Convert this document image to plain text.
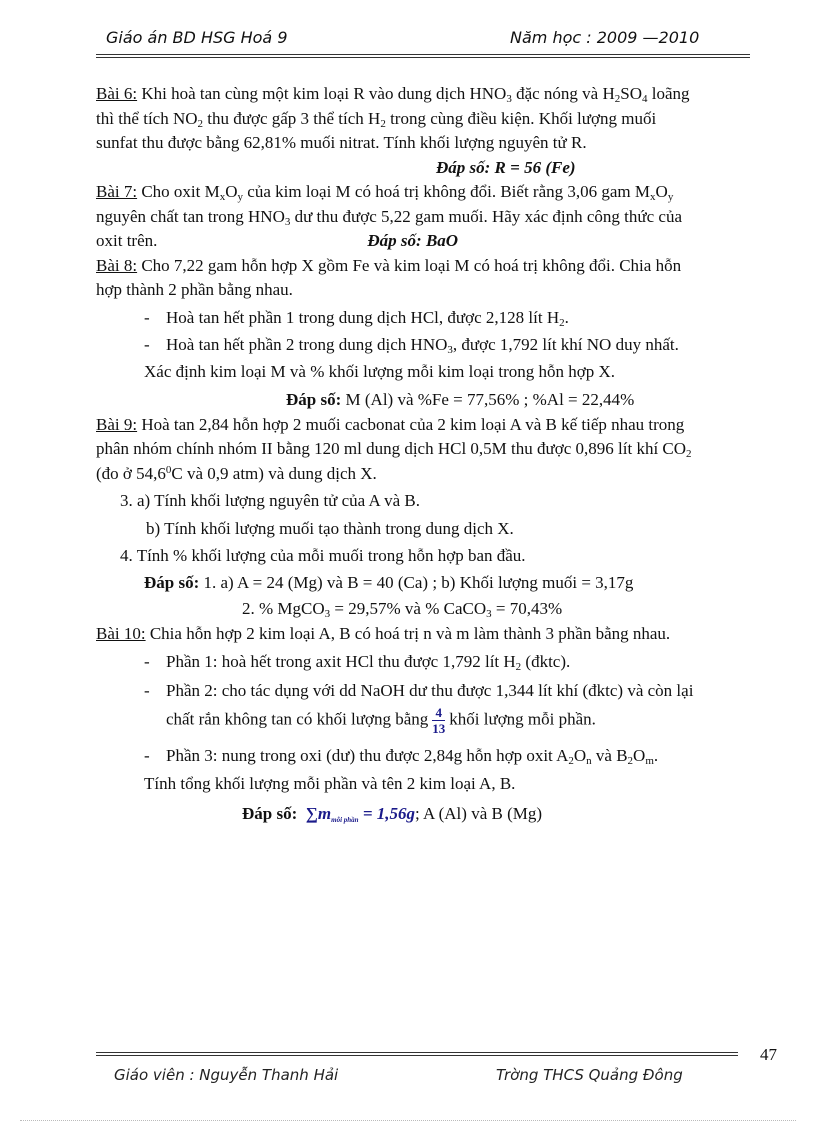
Giáo án BD HSG Hoá 9	Năm học : 2009 —2010

Bài 6: Khi hoà tan cùng một kim loại R vào dung dịch $HNO_3$ đặc nóng và $H_2SO_4$ loãng

thì thể tích $NO_2$ thu được gấp 3 thể tích $H_2$ trong cùng điều kiện. Khối lượng muối

sunfat thu được bằng 62,81% muối nitrat. Tính khối lượng nguyên tử R.

Đáp số: R = 56 (Fe)

Bài 7: Cho oxit $M_xO_y$ của kim loại M có hoá trị không đổi. Biết rằng 3,06 gam $M_xO_y$

nguyên chất tan trong $HNO_3$ dư thu được 5,22 gam muối. Hãy xác định công thức của

oxit trên.	Đáp số: BaO

Bài 8: Cho 7,22 gam hỗn hợp X gồm Fe và kim loại M có hoá trị không đổi. Chia hỗn

hợp thành 2 phần bằng nhau.

- Hoà tan hết phần 1 trong dung dịch HCl, được 2,128 lít $H_2$.

- Hoà tan hết phần 2 trong dung dịch $HNO_3$, được 1,792 lít khí NO duy nhất.

Xác định kim loại M và % khối lượng mỗi kim loại trong hỗn hợp X.

Đáp số: M (Al) và %Fe = 77,56% ; %Al = 22,44%

Bài 9: Hoà tan 2,84 hỗn hợp 2 muối cacbonat của 2 kim loại A và B kế tiếp nhau trong

phân nhóm chính nhóm II bằng 120 ml dung dịch HCl 0,5M thu được 0,896 lít khí $CO_2$

(đo ở 54,6$^0$C và 0,9 atm) và dung dịch X.

3. a) Tính khối lượng nguyên tử của A và B.

b) Tính khối lượng muối tạo thành trong dung dịch X.

4. Tính % khối lượng của mỗi muối trong hỗn hợp ban đầu.

Đáp số: 1. a) A = 24 (Mg) và B = 40 (Ca) ; b) Khối lượng muối = 3,17g

2. % MgCO$_3$ = 29,57% và % CaCO$_3$ = 70,43%

Bài 10: Chia hỗn hợp 2 kim loại A, B có hoá trị n và m làm thành 3 phần bằng nhau.

- Phần 1: hoà hết trong axit HCl thu được 1,792 lít $H_2$ (đktc).

- Phần 2: cho tác dụng với dd NaOH dư thu được 1,344 lít khí (đktc) và còn lại

chất rắn không tan có khối lượng bằng $\frac{4}{13}$ khối lượng mỗi phần.

- Phần 3: nung trong oxi (dư) thu được 2,84g hỗn hợp oxit $A_2O_n$ và $B_2O_m$.

Tính tổng khối lượng mỗi phần và tên 2 kim loại A, B.

Đáp số: $\sum m_{mỗi phần} = 1,56g$; A (Al) và B (Mg)

47
Giáo viên : Nguyễn Thanh Hải	Trờng THCS Quảng Đông
